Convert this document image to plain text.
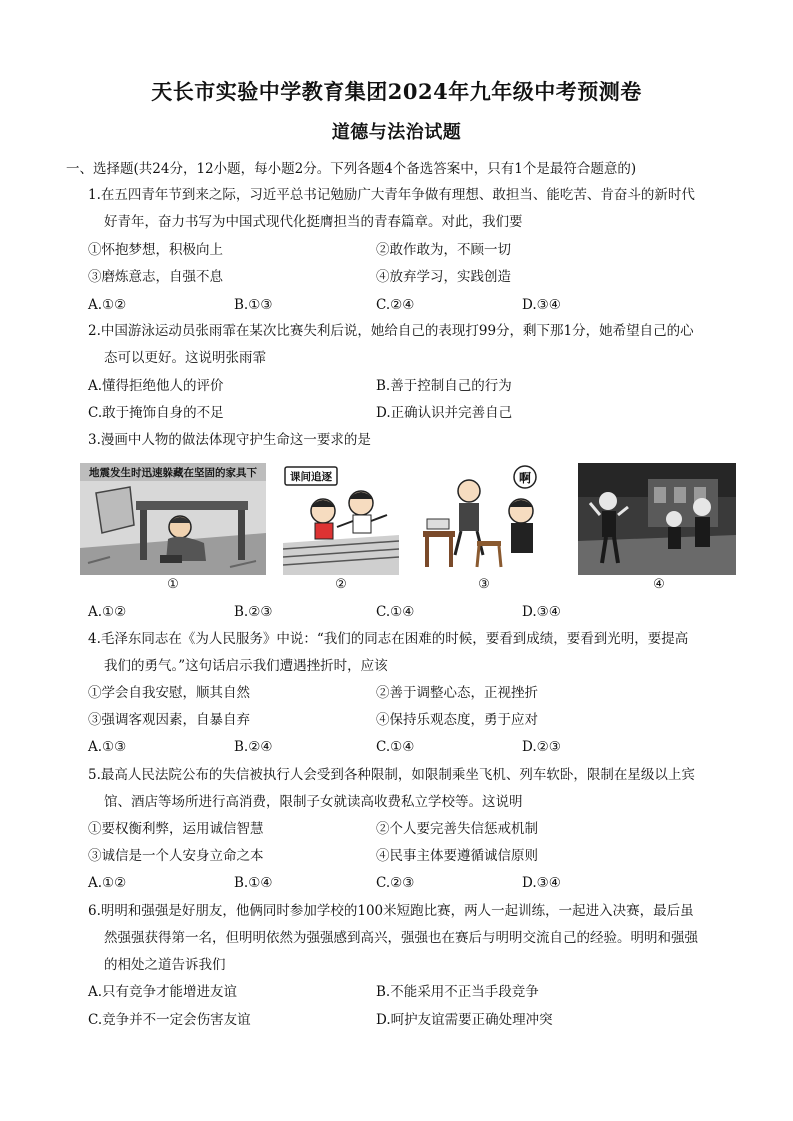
天长市实验中学教育集团2024年九年级中考预测卷
道德与法治试题
一、选择题(共24分，12小题，每小题2分。下列各题4个备选答案中，只有1个是最符合题意的)
1.在五四青年节到来之际，习近平总书记勉励广大青年争做有理想、敢担当、能吃苦、肯奋斗的新时代
好青年，奋力书写为中国式现代化挺膺担当的青春篇章。对此，我们要
①怀抱梦想，积极向上	②敢作敢为，不顾一切
③磨炼意志，自强不息	④放弃学习，实践创造
A.①②	B.①③	C.②④	D.③④
2.中国游泳运动员张雨霏在某次比赛失利后说，她给自己的表现打99分，剩下那1分，她希望自己的心
态可以更好。这说明张雨霏
A.懂得拒绝他人的评价	B.善于控制自己的行为
C.敢于掩饰自身的不足	D.正确认识并完善自己
3.漫画中人物的做法体现守护生命这一要求的是
地震发生时迅速躲藏在坚固的家具下
①
课间追逐
②
啊
③	④
A.①②	B.②③	C.①④	D.③④
4.毛泽东同志在《为人民服务》中说：“我们的同志在困难的时候，要看到成绩，要看到光明，要提高
我们的勇气。”这句话启示我们遭遇挫折时，应该
①学会自我安慰，顺其自然	②善于调整心态，正视挫折
③强调客观因素，自暴自弃	④保持乐观态度，勇于应对
A.①③	B.②④	C.①④	D.②③
5.最高人民法院公布的失信被执行人会受到各种限制，如限制乘坐飞机、列车软卧，限制在星级以上宾
馆、酒店等场所进行高消费，限制子女就读高收费私立学校等。这说明
①要权衡利弊，运用诚信智慧	②个人要完善失信惩戒机制
③诚信是一个人安身立命之本	④民事主体要遵循诚信原则
A.①②	B.①④	C.②③	D.③④
6.明明和强强是好朋友，他俩同时参加学校的100米短跑比赛，两人一起训练，一起进入决赛，最后虽
然强强获得第一名，但明明依然为强强感到高兴，强强也在赛后与明明交流自己的经验。明明和强强
的相处之道告诉我们
A.只有竞争才能增进友谊	B.不能采用不正当手段竞争
C.竞争并不一定会伤害友谊	D.呵护友谊需要正确处理冲突
